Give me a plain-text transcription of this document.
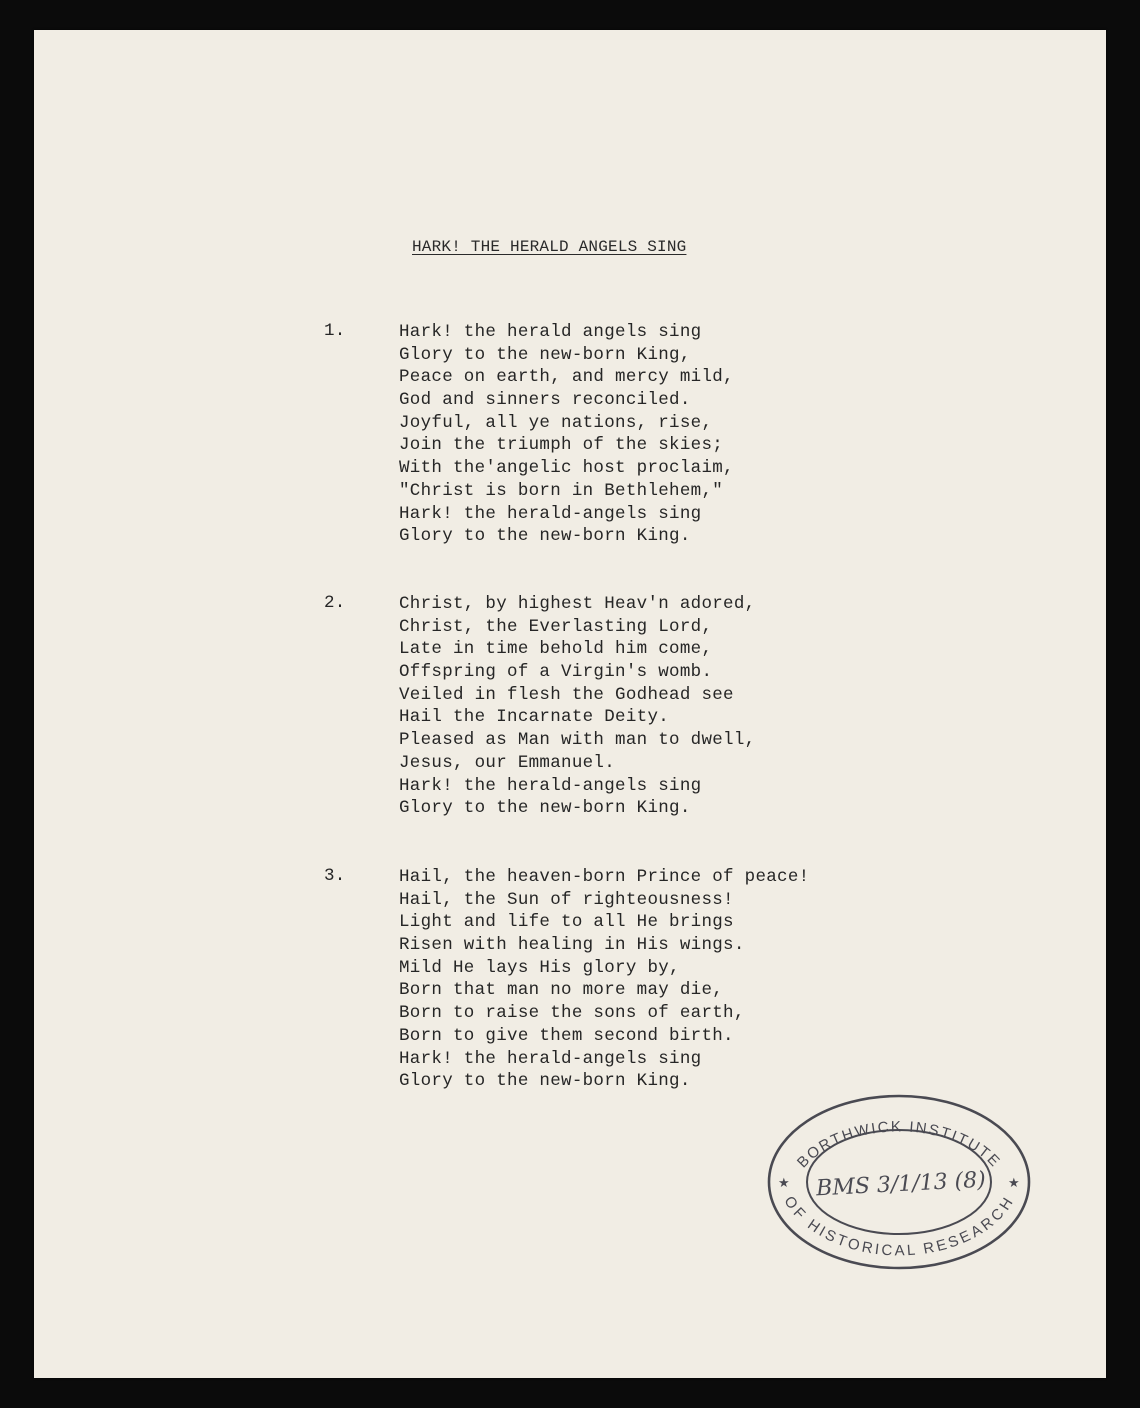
HARK! THE HERALD ANGELS SING
1.	Hark! the herald angels sing
Glory to the new-born King,
Peace on earth, and mercy mild,
God and sinners reconciled.
Joyful, all ye nations, rise,
Join the triumph of the skies;
With the'angelic host proclaim,
"Christ is born in Bethlehem,"
Hark! the herald-angels sing
Glory to the new-born King.
2.	Christ, by highest Heav'n adored,
Christ, the Everlasting Lord,
Late in time behold him come,
Offspring of a Virgin's womb.
Veiled in flesh the Godhead see
Hail the Incarnate Deity.
Pleased as Man with man to dwell,
Jesus, our Emmanuel.
Hark! the herald-angels sing
Glory to the new-born King.
3.	Hail, the heaven-born Prince of peace!
Hail, the Sun of righteousness!
Light and life to all He brings
Risen with healing in His wings.
Mild He lays His glory by,
Born that man no more may die,
Born to raise the sons of earth,
Born to give them second birth.
Hark! the herald-angels sing
Glory to the new-born King.
BORTHWICK INSTITUTE
OF HISTORICAL RESEARCH
★	★
BMS 3/1/13 (8)
